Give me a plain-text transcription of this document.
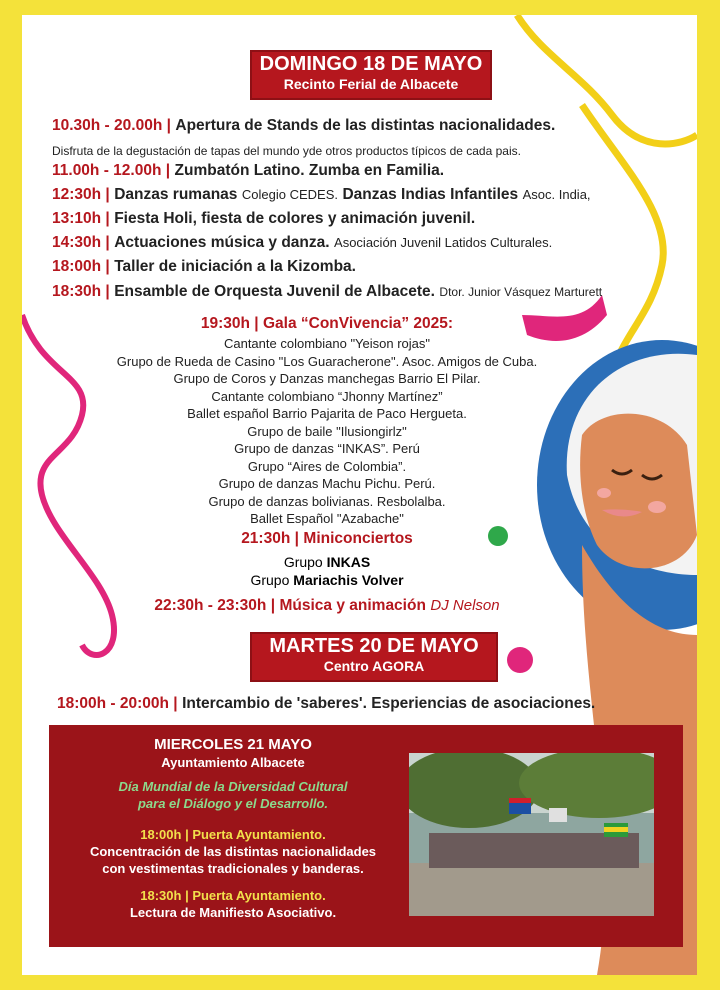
DOMINGO 18 DE MAYO
Recinto Ferial de Albacete
10.30h - 20.00h | Apertura de Stands de las distintas nacionalidades.
Disfruta de la degustación de tapas del mundo yde otros productos típicos de cada pais.
11.00h - 12.00h | Zumbatón Latino. Zumba en Familia.
12:30h | Danzas rumanas Colegio CEDES. Danzas Indias Infantiles Asoc. India,
13:10h | Fiesta Holi, fiesta de colores y animación juvenil.
14:30h | Actuaciones música y danza. Asociación Juvenil Latidos Culturales.
18:00h | Taller de iniciación a la Kizomba.
18:30h | Ensamble de Orquesta Juvenil de Albacete. Dtor. Junior Vásquez Marturett
19:30h | Gala “ConVivencia” 2025:
Cantante colombiano "Yeison rojas"
Grupo de Rueda de Casino "Los Guaracherone". Asoc. Amigos de Cuba.
Grupo de Coros y Danzas manchegas Barrio El Pilar.
Cantante colombiano “Jhonny Martínez”
Ballet español Barrio Pajarita de Paco Hergueta.
Grupo de baile "Ilusiongirlz"
Grupo de danzas “INKAS”. Perú
Grupo “Aires de Colombia”.
Grupo de danzas Machu Pichu. Perú.
Grupo de danzas bolivianas. Resbolalba.
Ballet Español "Azabache"
21:30h | Miniconciertos
Grupo INKAS
Grupo Mariachis Volver
22:30h - 23:30h | Música y animación DJ Nelson
MARTES 20 DE MAYO
Centro AGORA
18:00h - 20:00h | Intercambio de 'saberes'. Esperiencias de asociaciones.
MIERCOLES 21 MAYO
Ayuntamiento Albacete
Día Mundial de la Diversidad Cultural
para el Diálogo y el Desarrollo.
18:00h | Puerta Ayuntamiento.
Concentración de las distintas nacionalidades
con vestimentas tradicionales y banderas.
18:30h | Puerta Ayuntamiento.
Lectura de Manifiesto Asociativo.
